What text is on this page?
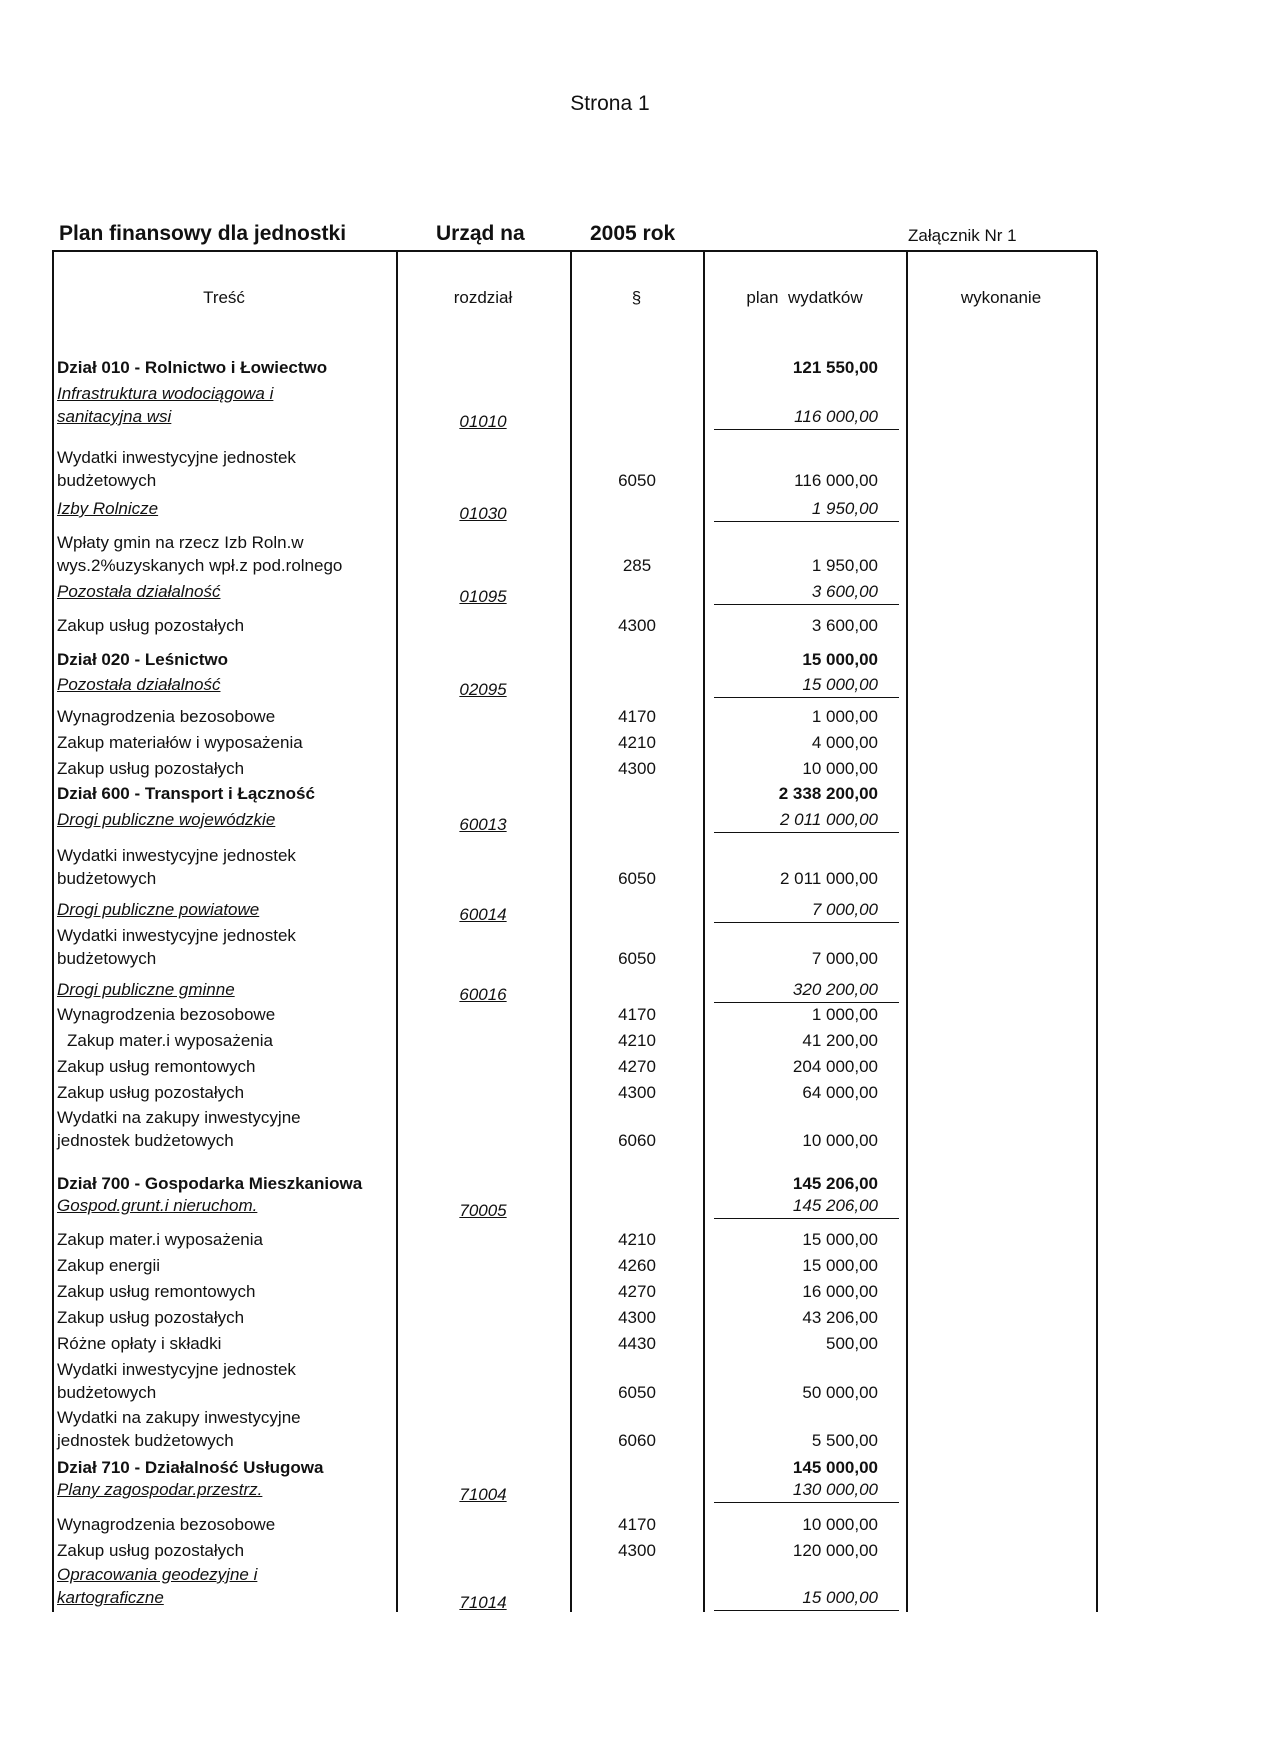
Strona 1
Plan finansowy dla jednostki	Urząd na	2005 rok	Załącznik Nr 1
Treść	rozdział	§	plan  wydatków	wykonanie
Dział 010 - Rolnictwo i Łowiectwo	121 550,00
Infrastruktura wodociągowa i
sanitacyjna wsi	01010	116 000,00
Wydatki inwestycyjne jednostek
budżetowych	6050	116 000,00
Izby Rolnicze	01030	1 950,00
Wpłaty gmin na rzecz Izb Roln.w
wys.2%uzyskanych wpł.z pod.rolnego	285	1 950,00
Pozostała działalność	01095	3 600,00
Zakup usług pozostałych	4300	3 600,00
Dział 020 - Leśnictwo	15 000,00
Pozostała działalność	02095	15 000,00
Wynagrodzenia bezosobowe	4170	1 000,00
Zakup materiałów i wyposażenia	4210	4 000,00
Zakup usług pozostałych	4300	10 000,00
Dział 600 - Transport i Łączność	2 338 200,00
Drogi publiczne wojewódzkie	60013	2 011 000,00
Wydatki inwestycyjne jednostek
budżetowych	6050	2 011 000,00
Drogi publiczne powiatowe	60014	7 000,00
Wydatki inwestycyjne jednostek
budżetowych	6050	7 000,00
Drogi publiczne gminne	60016	320 200,00
Wynagrodzenia bezosobowe	4170	1 000,00
Zakup mater.i wyposażenia	4210	41 200,00
Zakup usług remontowych	4270	204 000,00
Zakup usług pozostałych	4300	64 000,00
Wydatki na zakupy inwestycyjne
jednostek budżetowych	6060	10 000,00
Dział 700 - Gospodarka Mieszkaniowa	145 206,00
Gospod.grunt.i nieruchom.	70005	145 206,00
Zakup mater.i wyposażenia	4210	15 000,00
Zakup energii	4260	15 000,00
Zakup usług remontowych	4270	16 000,00
Zakup usług pozostałych	4300	43 206,00
Różne opłaty i składki	4430	500,00
Wydatki inwestycyjne jednostek
budżetowych	6050	50 000,00
Wydatki na zakupy inwestycyjne
jednostek budżetowych	6060	5 500,00
Dział 710 - Działalność Usługowa	145 000,00
Plany zagospodar.przestrz.	71004	130 000,00
Wynagrodzenia bezosobowe	4170	10 000,00
Zakup usług pozostałych	4300	120 000,00
Opracowania geodezyjne i
kartograficzne	71014	15 000,00
